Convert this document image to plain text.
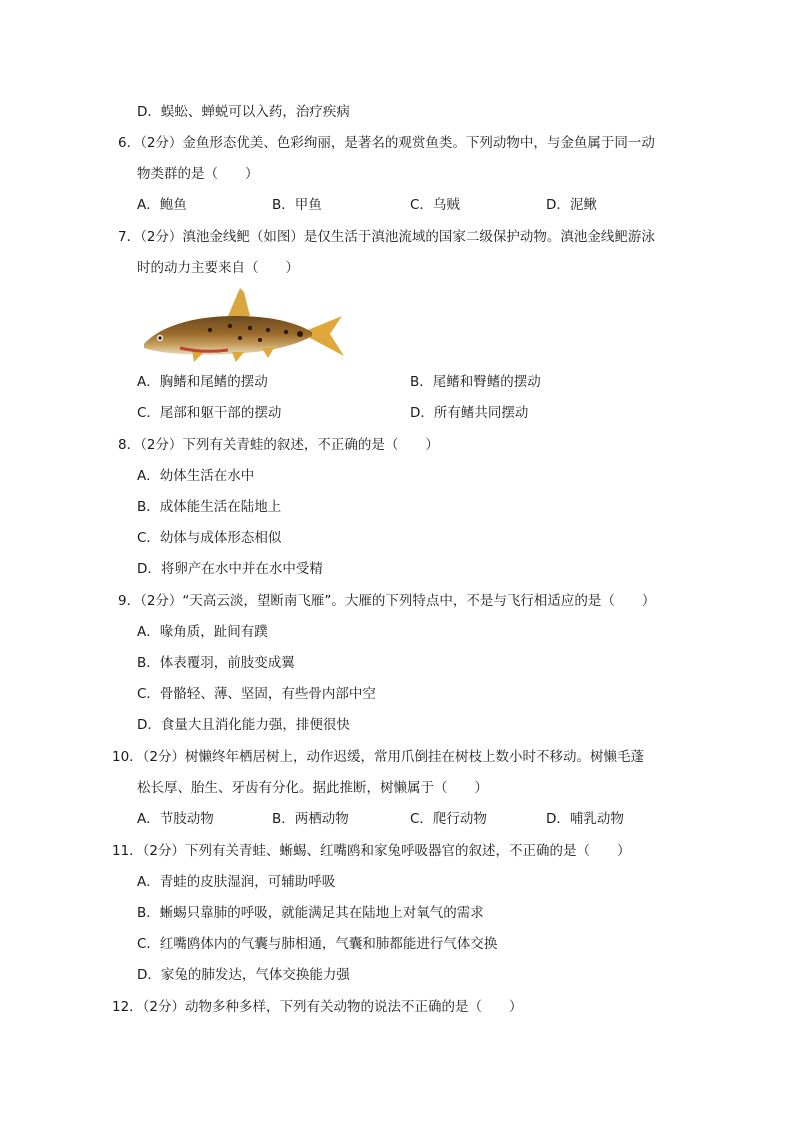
D．蜈蚣、蝉蜕可以入药，治疗疾病
6．（2分）金鱼形态优美、色彩绚丽，是著名的观赏鱼类。下列动物中，与金鱼属于同一动
物类群的是（　　）
A．鲍鱼	B．甲鱼	C．乌贼	D．泥鳅
7．（2分）滇池金线鲃（如图）是仅生活于滇池流域的国家二级保护动物。滇池金线鲃游泳
时的动力主要来自（　　）
A．胸鳍和尾鳍的摆动	B．尾鳍和臀鳍的摆动
C．尾部和躯干部的摆动	D．所有鳍共同摆动
8．（2分）下列有关青蛙的叙述，不正确的是（　　）
A．幼体生活在水中
B．成体能生活在陆地上
C．幼体与成体形态相似
D．将卵产在水中并在水中受精
9．（2分）“天高云淡，望断南飞雁”。大雁的下列特点中，不是与飞行相适应的是（　　）
A．喙角质，趾间有蹼
B．体表覆羽，前肢变成翼
C．骨骼轻、薄、坚固，有些骨内部中空
D．食量大且消化能力强，排便很快
10．（2分）树懒终年栖居树上，动作迟缓，常用爪倒挂在树枝上数小时不移动。树懒毛蓬
松长厚、胎生、牙齿有分化。据此推断，树懒属于（　　）
A．节肢动物	B．两栖动物	C．爬行动物	D．哺乳动物
11．（2分）下列有关青蛙、蜥蜴、红嘴鸥和家兔呼吸器官的叙述，不正确的是（　　）
A．青蛙的皮肤湿润，可辅助呼吸
B．蜥蜴只靠肺的呼吸，就能满足其在陆地上对氧气的需求
C．红嘴鸥体内的气囊与肺相通，气囊和肺都能进行气体交换
D．家兔的肺发达，气体交换能力强
12．（2分）动物多种多样，下列有关动物的说法不正确的是（　　）
